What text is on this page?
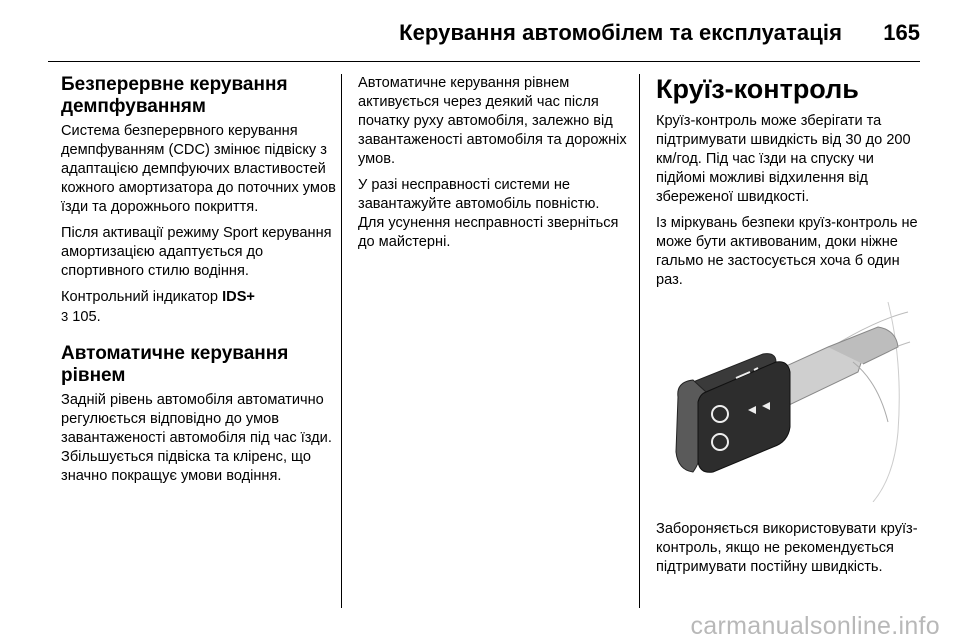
Керування автомобілем та експлуатація 165
Безперервне керування демпфуванням

Система безперервного керування демпфуванням (CDC) змінює підвіску з адаптацією демпфуючих властивостей кожного амортизатора до поточних умов їзди та дорожнього покриття.

Після активації режиму Sport керування амортизацією адаптується до спортивного стилю водіння.

Контрольний індикатор IDS+
3 105.

Автоматичне керування рівнем

Задній рівень автомобіля автоматично регулюється відповідно до умов завантаженості автомобіля під час їзди. Збільшується підвіска та кліренс, що значно покращує умови водіння.

Автоматичне керування рівнем активується через деякий час після початку руху автомобіля, залежно від завантаженості автомобіля та дорожніх умов.

У разі несправності системи не завантажуйте автомобіль повністю. Для усунення несправності зверніться до майстерні.

Круїз-контроль

Круїз-контроль може зберігати та підтримувати швидкість від 30 до 200 км/год. Під час їзди на спуску чи підйомі можливі відхилення від збереженої швидкості.

Із міркувань безпеки круїз-контроль не може бути активованим, доки ніжне гальмо не застосується хоча б один раз.

Забороняється використовувати круїз-контроль, якщо не рекомендується підтримувати постійну швидкість.

carmanualsonline.info
